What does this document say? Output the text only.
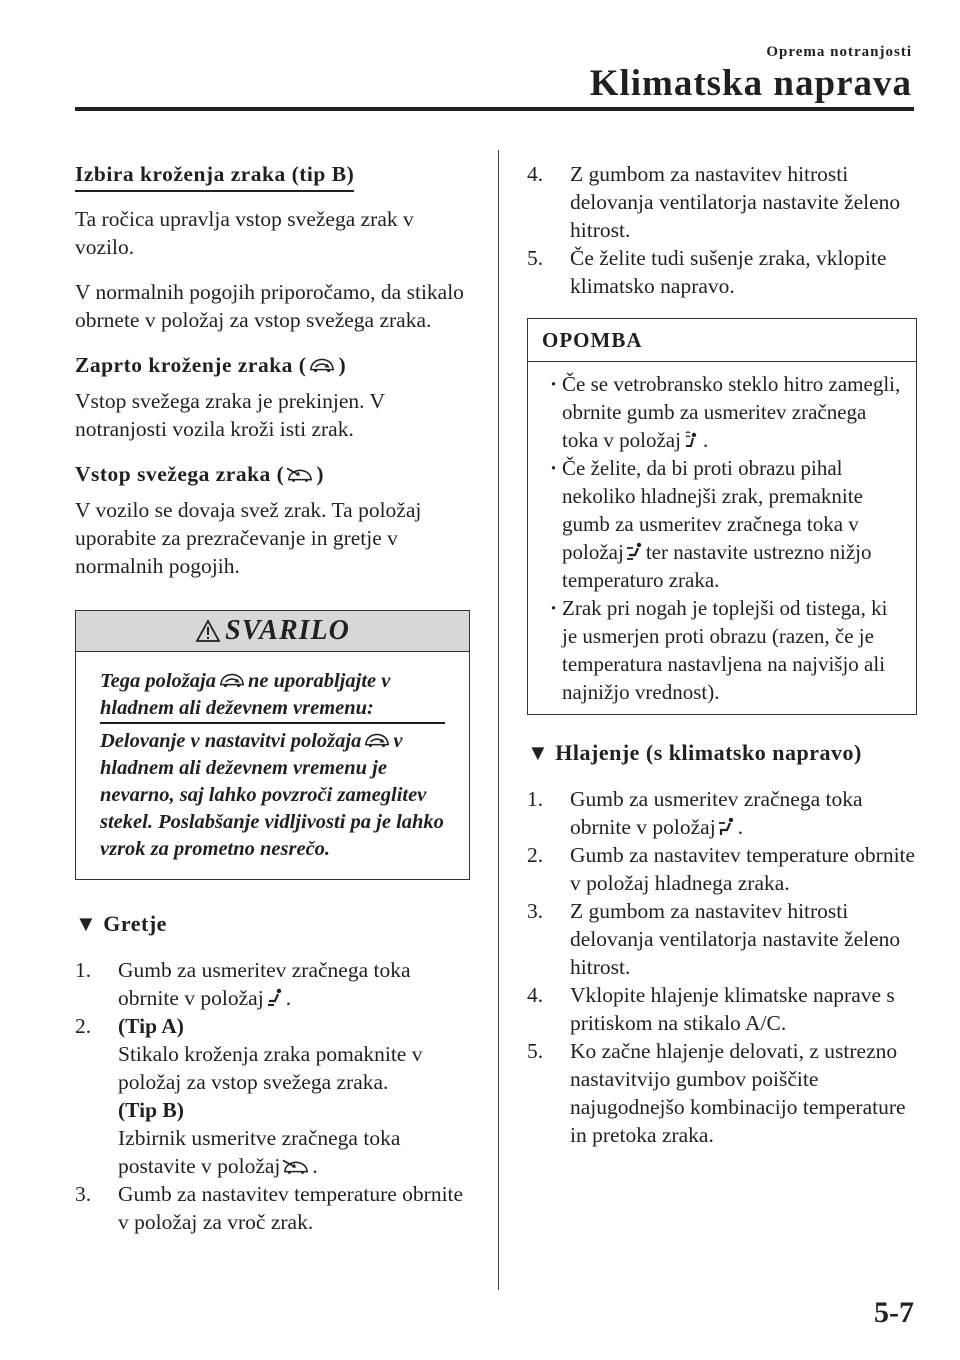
Oprema notranjosti
Klimatska naprava
Izbira kroženja zraka (tip B)

Ta ročica upravlja vstop svežega zrak v vozilo.

V normalnih pogojih priporočamo, da stikalo obrnete v položaj za vstop svežega zraka.

Zaprto kroženje zraka ( )

Vstop svežega zraka je prekinjen. V notranjosti vozila kroži isti zrak.

Vstop svežega zraka ( )

V vozilo se dovaja svež zrak. Ta položaj uporabite za prezračevanje in gretje v normalnih pogojih.

SVARILO
Tega položaja ne uporabljajte v hladnem ali deževnem vremenu:
Delovanje v nastavitvi položaja v hladnem ali deževnem vremenu je nevarno, saj lahko povzroči zameglitev stekel. Poslabšanje vidljivosti pa je lahko vzrok za prometno nesrečo.
▼ Gretje
1. Gumb za usmeritev zračnega toka obrnite v položaj .
2. (Tip A)
Stikalo kroženja zraka pomaknite v položaj za vstop svežega zraka.
(Tip B)
Izbirnik usmeritve zračnega toka postavite v položaj .
3. Gumb za nastavitev temperature obrnite v položaj za vroč zrak.
4. Z gumbom za nastavitev hitrosti delovanja ventilatorja nastavite želeno hitrost.
5. Če želite tudi sušenje zraka, vklopite klimatsko napravo.
OPOMBA
· Če se vetrobransko steklo hitro zamegli, obrnite gumb za usmeritev zračnega toka v položaj .
· Če želite, da bi proti obrazu pihal nekoliko hladnejši zrak, premaknite gumb za usmeritev zračnega toka v položaj ter nastavite ustrezno nižjo temperaturo zraka.
· Zrak pri nogah je toplejši od tistega, ki je usmerjen proti obrazu (razen, če je temperatura nastavljena na najvišjo ali najnižjo vrednost).
▼ Hlajenje (s klimatsko napravo)
1. Gumb za usmeritev zračnega toka obrnite v položaj .
2. Gumb za nastavitev temperature obrnite v položaj hladnega zraka.
3. Z gumbom za nastavitev hitrosti delovanja ventilatorja nastavite želeno hitrost.
4. Vklopite hlajenje klimatske naprave s pritiskom na stikalo A/C.
5. Ko začne hlajenje delovati, z ustrezno nastavitvijo gumbov poiščite najugodnejšo kombinacijo temperature in pretoka zraka.
5-7
